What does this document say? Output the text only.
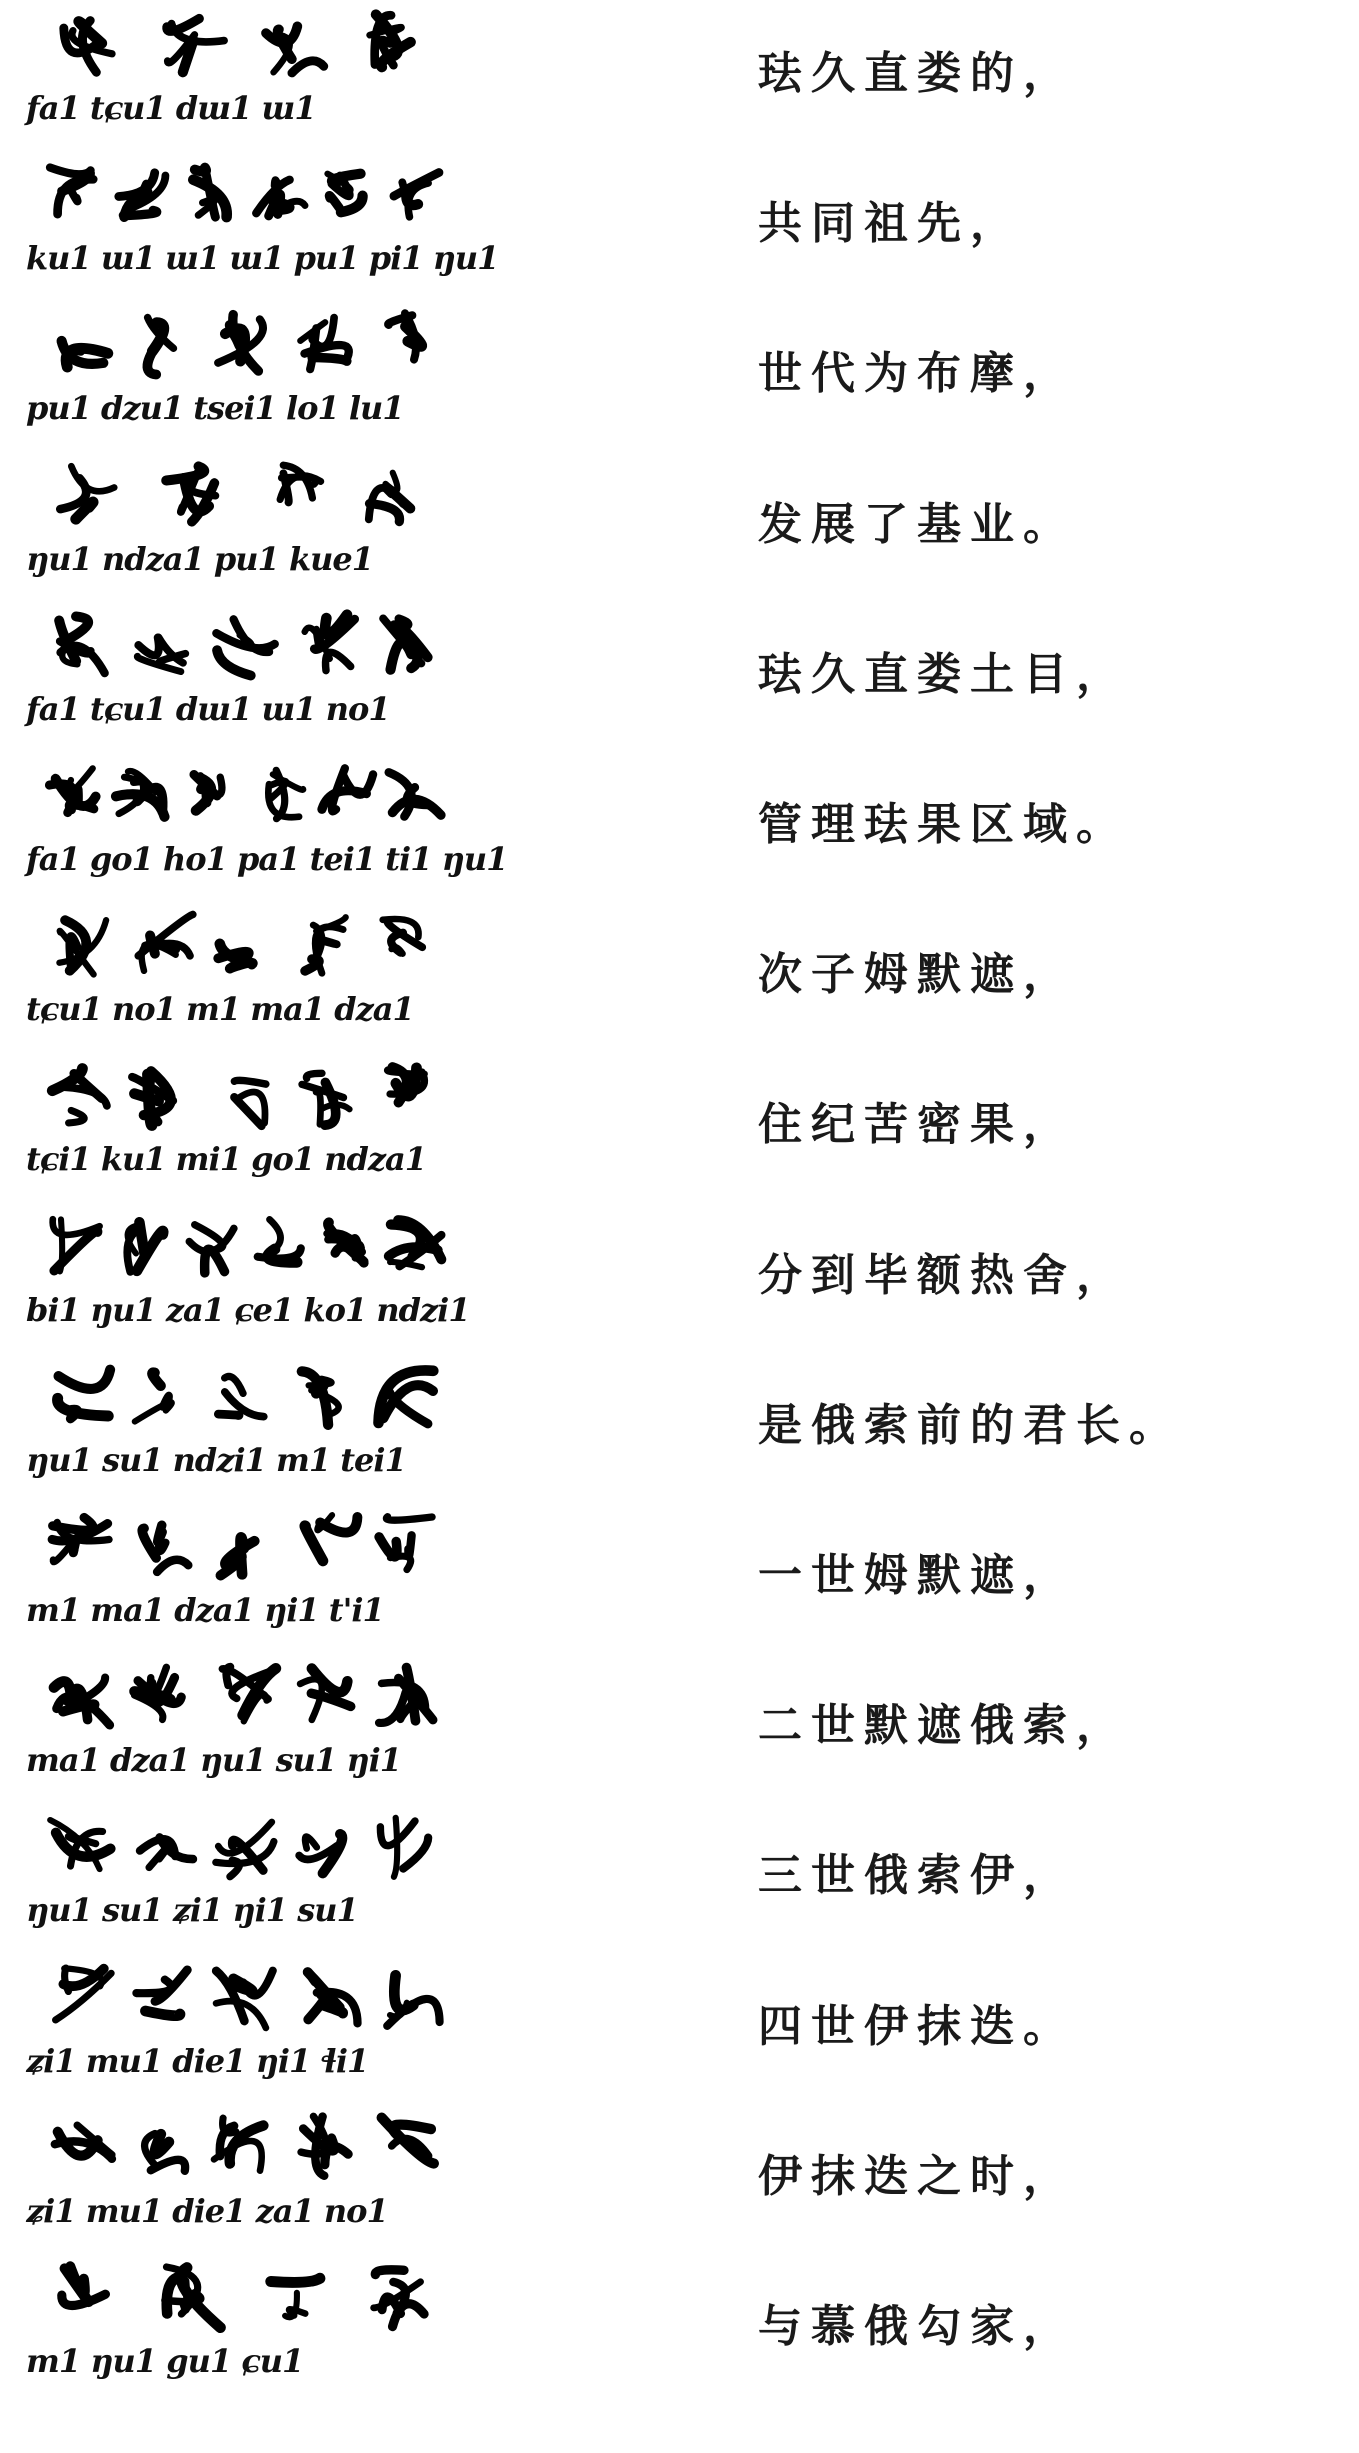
fa1 tɕu1 dɯ1 ɯ1
珐久直娄的，
ku1 ɯ1 ɯ1 ɯ1 pu1 pi1 ŋu1
共同祖先，
pu1 dzu1 tsei1 lo1 lu1
世代为布摩，
ŋu1 ndza1 pu1 kue1
发展了基业。
fa1 tɕu1 dɯ1 ɯ1 no1
珐久直娄土目，
fa1 go1 ho1 pa1 tei1 ti1 ŋu1
管理珐果区域。
tɕu1 no1 m1 ma1 dza1
次子姆默遮，
tɕi1 ku1 mi1 go1 ndza1
住纪苦密果，
bi1 ŋu1 za1 ɕe1 ko1 ndzi1
分到毕额热舍，
ŋu1 su1 ndzi1 m1 tei1
是俄索前的君长。
m1 ma1 dza1 ŋi1 t'i1
一世姆默遮，
ma1 dza1 ŋu1 su1 ŋi1
二世默遮俄索，
ŋu1 su1 ʑi1 ŋi1 su1
三世俄索伊，
ʑi1 mu1 die1 ŋi1 ɬi1
四世伊抹迭。
ʑi1 mu1 die1 za1 no1
伊抹迭之时，
m1 ŋu1 gu1 ɕu1
与慕俄勾家，
